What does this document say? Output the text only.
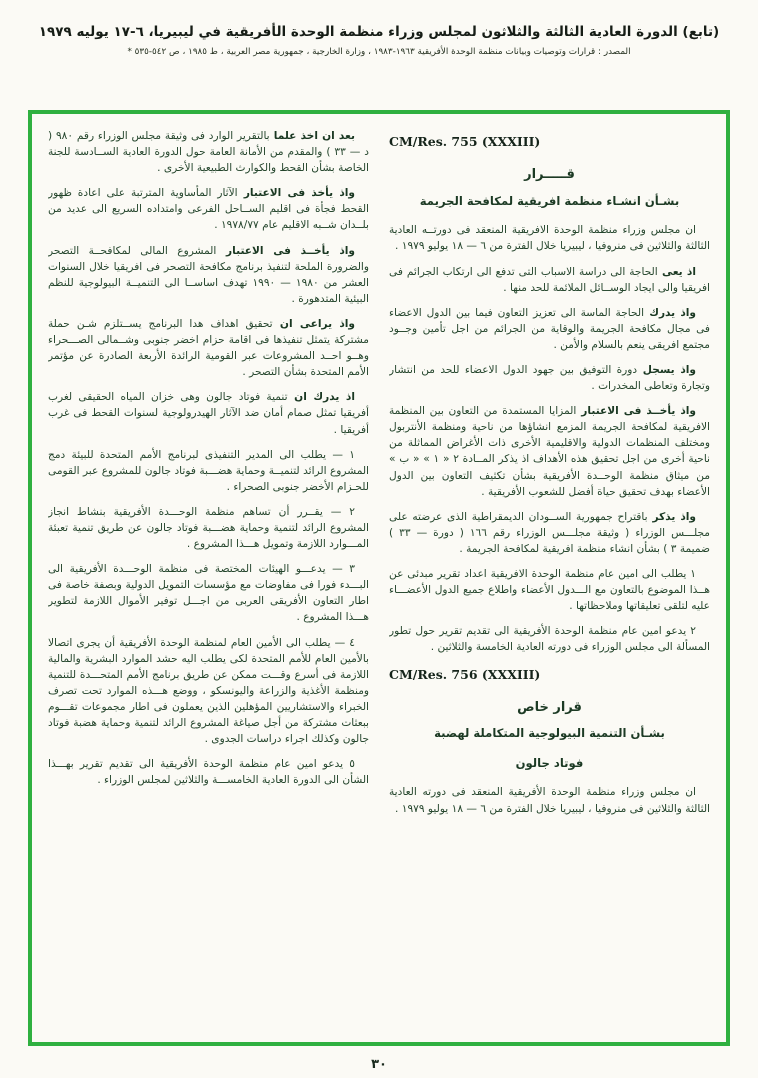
(تابع) الدورة العادية الثالثة والثلاثون لمجلس وزراء منظمة الوحدة الأفريقية في ليبيريا، ٦-١٧ يوليه ١٩٧٩
المصدر : قرارات وتوصيات وبيانات منظمة الوحدة الأفريقية ١٩٦٣-١٩٨٣ ، وزارة الخارجية ، جمهورية مصر العربية ، ط ١٩٨٥ ، ص ٥٤٢-٥٣٥ *
CM/Res. 755 (XXXIII)

قـــــرار

بشـأن انشـاء منظمة افريقية لمكافحة الجريمة

ان مجلس وزراء منظمة الوحدة الافريقية المنعقد فى دورتــه العادية الثالثة والثلاثين فى منروفيا ، ليبيريا خلال الفترة من ٦ — ١٨ يوليو ١٩٧٩ .

اذ يعى الحاجة الى دراسة الاسباب التى تدفع الى ارتكاب الجرائم فى افريقيا والى ايجاد الوســائل الملائمة للحد منها .

واذ يدرك الحاجة الماسة الى تعزيز التعاون فيما بين الدول الاعضاء فى مجال مكافحة الجريمة والوقاية من الجرائم من اجل تأمين وجــود مجتمع افريقى ينعم بالسلام والأمن .

واذ يسجل دورة التوفيق بين جهود الدول الاعضاء للحد من انتشار وتجارة وتعاطى المخدرات .

واذ يأخــذ فى الاعتبار المزايا المستمدة من التعاون بين المنظمة الافريقية لمكافحة الجريمة المزمع انشاؤها من ناحية ومنظمة الأنتربول ومختلف المنظمات الدولية والاقليمية الأخرى ذات الأغراض المماثلة من ناحية أخرى من اجل تحقيق هذه الأهداف اذ يذكر المــادة ٢ « ١ » « ب » من ميثاق منظمة الوحــدة الأفريقية بشأن تكثيف التعاون بين الدول الأعضاء بهدف تحقيق حياة أفضل للشعوب الأفريقية .

واذ يذكر باقتراح جمهورية الســودان الديمقراطية الذى عرضته على مجلـــس الوزراء ( وثيقة مجلـــس الوزراء رقم ١٦٦ ( دورة — ٣٣ ) ضميمة ٣ ) بشأن انشاء منظمة افريقية لمكافحة الجريمة .

١ يطلب الى امين عام منظمة الوحدة الافريقية اعداد تقرير مبدئى عن هــذا الموضوع بالتعاون مع الـــدول الأعضاء واطلاع جميع الدول الأعضـــاء عليه لتلقى تعليقاتها وملاحظاتها .

٢ يدعو امين عام منظمة الوحدة الأفريقية الى تقديم تقرير حول تطور المسألة الى مجلس الوزراء فى دورته العادية الخامسة والثلاثين .

CM/Res. 756 (XXXIII)

قرار خاص

بشـأن التنمية البيولوجية المتكاملة لهضبة

فوتاد جالون

ان مجلس وزراء منظمة الوحدة الأفريقية المنعقد فى دورته العادية الثالثة والثلاثين فى منروفيا ، ليبيريا خلال الفترة من ٦ — ١٨ يوليو ١٩٧٩ .

بعد ان اخذ علما بالتقرير الوارد فى وثيقة مجلس الوزراء رقم ٩٨٠ ( د — ٣٣ ) والمقدم من الأمانة العامة حول الدورة العادية الســادسة للجنة الخاصة بشأن القحط والكوارث الطبيعية الأخرى .

واذ يأخذ فى الاعتبار الآثار المأساوية المترتبة على اعادة ظهور القحط فجأة فى اقليم الســاحل الفرعى وامتداده السريع الى عديد من بلــدان شــبه الاقليم عام ١٩٧٨/٧٧ .

واذ يأخــذ فى الاعتبار المشروع المالى لمكافحــة التصحر والضرورة الملحة لتنفيذ برنامج مكافحة التصحر فى افريقيا خلال السنوات العشر من ١٩٨٠ — ١٩٩٠ تهدف اساســا الى التنميــة البيولوجية للنظم البيئية المتدهورة .

واذ يراعى ان تحقيق اهداف هدا البرنامج يســتلزم شـن حملة مشتركة يتمثل تنفيذها فى اقامة حزام اخضر جنوبى وشــمالى الصـــحراء وهــو احــد المشروعات عبر القومية الرائدة الأربعة الصادرة عن مؤتمر الأمم المتحدة بشأن التصحر .

اذ يدرك ان تنمية فوتاد جالون وهى خزان المياه الحقيقى لغرب أفريقيا تمثل صمام أمان ضد الآثار الهيدرولوجية لسنوات القحط فى غرب أفريقيا .

١ — يطلب الى المدير التنفيذى لبرنامج الأمم المتحدة للبيئة دمج المشروع الرائد لتنميــة وحماية هضـــبة فوتاد جالون للمشروع عبر القومى للحـزام الأخضر جنوبى الصحراء .

٢ — يقــرر أن تساهم منظمة الوحـــدة الأفريقية بنشاط انجاز المشروع الرائد لتنمية وحماية هضـــبة فوتاد جالون عن طريق تنمية تعبئة المـــوارد اللازمة وتمويل هـــذا المشروع .

٣ — يدعـــو الهيئات المختصة فى منظمة الوحـــدة الأفريقية الى البـــدء فورا فى مفاوضات مع مؤسسات التمويل الدولية وبصفة خاصة فى اطار التعاون الأفريقى العربى من اجـــل توفير الأموال اللازمة لتطوير هـــذا المشروع .

٤ — يطلب الى الأمين العام لمنظمة الوحدة الأفريقية أن يجرى اتصالا بالأمين العام للأمم المتحدة لكى يطلب اليه حشد الموارد البشرية والمالية اللازمة فى أسرع وقـــت ممكن عن طريق برنامج الأمم المتحـــدة للتنمية ومنظمة الأغذية والزراعة واليونسكو ، ووضع هـــذه الموارد تحت تصرف الخبراء والاستشاريين المؤهلين الذين يعملون فى اطار مجموعات تقـــوم ببعثات مشتركة من أجل صياغة المشروع الرائد لتنمية وحماية هضبة فوتاد جالون وكذلك اجراء دراسات الجدوى .

٥ يدعو امين عام منظمة الوحدة الأفريقية الى تقديم تقرير بهـــذا الشأن الى الدورة العادية الخامســـة والثلاثين لمجلس الوزراء .

٣٠
